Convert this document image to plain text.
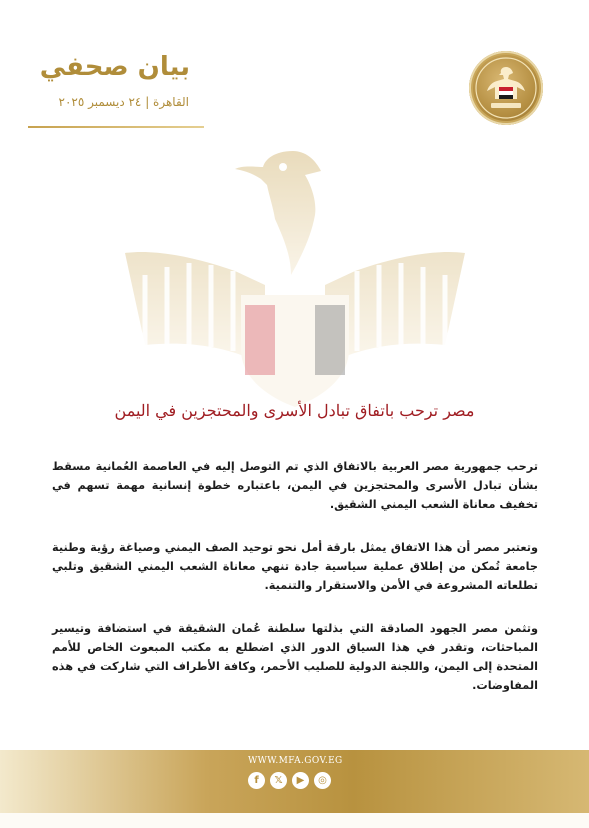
بيان صحفي
القاهرة | ٢٤ ديسمبر ٢٠٢٥
مصر ترحب باتفاق تبادل الأسرى والمحتجزين في اليمن

ترحب جمهورية مصر العربية بالاتفاق الذي تم التوصل إليه في العاصمة العُمانية مسقط بشأن تبادل الأسرى والمحتجزين في اليمن، باعتباره خطوة إنسانية مهمة تسهم في تخفيف معاناة الشعب اليمني الشقيق.

وتعتبر مصر أن هذا الاتفاق يمثل بارقة أمل نحو توحيد الصف اليمني وصياغة رؤية وطنية جامعة تُمكن من إطلاق عملية سياسية جادة تنهي معاناة الشعب اليمني الشقيق وتلبي تطلعاته المشروعة في الأمن والاستقرار والتنمية.

وتثمن مصر الجهود الصادقة التي بذلتها سلطنة عُمان الشقيقة في استضافة وتيسير المباحثات، وتقدر في هذا السياق الدور الذي اضطلع به مكتب المبعوث الخاص للأمم المتحدة إلى اليمن، واللجنة الدولية للصليب الأحمر، وكافة الأطراف التي شاركت في هذه المفاوضات.

WWW.MFA.GOV.EG
f	𝕏	▶	◎
